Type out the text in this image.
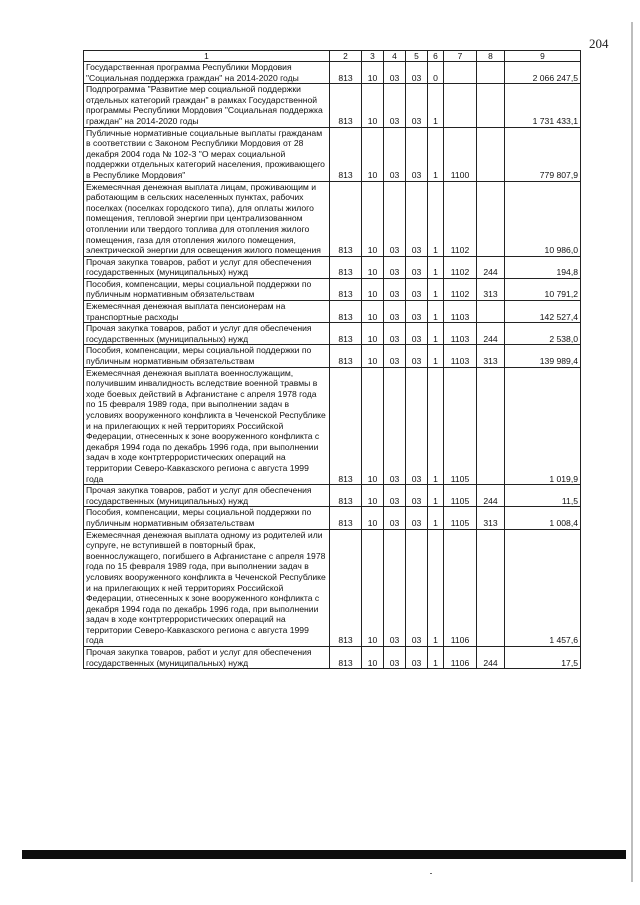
204
1	2	3	4	5	6	7	8	9
Государственная программа Республики Мордовия "Социальная поддержка граждан" на 2014-2020 годы	813	10	03	03	0			2 066 247,5
Подпрограмма "Развитие мер социальной поддержки отдельных категорий граждан" в рамках Государственной программы Республики Мордовия "Социальная поддержка граждан" на 2014-2020 годы	813	10	03	03	1			1 731 433,1
Публичные нормативные социальные выплаты гражданам в соответствии с Законом Республики Мордовия от 28 декабря 2004 года № 102-З "О мерах социальной поддержки отдельных категорий населения, проживающего в Республике Мордовия"	813	10	03	03	1	1100		779 807,9
Ежемесячная денежная выплата лицам, проживающим и работающим в сельских населенных пунктах, рабочих поселках (поселках городского типа), для оплаты жилого помещения, тепловой энергии при централизованном отоплении или твердого топлива для отопления жилого помещения, газа для отопления жилого помещения, электрической энергии для освещения жилого помещения	813	10	03	03	1	1102		10 986,0
Прочая закупка товаров, работ и услуг для обеспечения государственных (муниципальных) нужд	813	10	03	03	1	1102	244	194,8
Пособия, компенсации, меры социальной поддержки по публичным нормативным обязательствам	813	10	03	03	1	1102	313	10 791,2
Ежемесячная денежная выплата пенсионерам на транспортные расходы	813	10	03	03	1	1103		142 527,4
Прочая закупка товаров, работ и услуг для обеспечения государственных (муниципальных) нужд	813	10	03	03	1	1103	244	2 538,0
Пособия, компенсации, меры социальной поддержки по публичным нормативным обязательствам	813	10	03	03	1	1103	313	139 989,4
Ежемесячная денежная выплата военнослужащим, получившим инвалидность вследствие военной травмы в ходе боевых действий в Афганистане с апреля 1978 года по 15 февраля 1989 года, при выполнении задач в условиях вооруженного конфликта в Чеченской Республике и на прилегающих к ней территориях Российской Федерации, отнесенных к зоне вооруженного конфликта с декабря 1994 года по декабрь 1996 года, при выполнении задач в ходе контртеррористических операций на территории Северо-Кавказского региона с августа 1999 года	813	10	03	03	1	1105		1 019,9
Прочая закупка товаров, работ и услуг для обеспечения государственных (муниципальных) нужд	813	10	03	03	1	1105	244	11,5
Пособия, компенсации, меры социальной поддержки по публичным нормативным обязательствам	813	10	03	03	1	1105	313	1 008,4
Ежемесячная денежная выплата одному из родителей или супруге, не вступившей в повторный брак, военнослужащего, погибшего в Афганистане с апреля 1978 года по 15 февраля 1989 года, при выполнении задач в условиях вооруженного конфликта в Чеченской Республике и на прилегающих к ней территориях Российской Федерации, отнесенных к зоне вооруженного конфликта с декабря 1994 года по декабрь 1996 года, при выполнении задач в ходе контртеррористических операций на территории Северо-Кавказского региона с августа 1999 года	813	10	03	03	1	1106		1 457,6
Прочая закупка товаров, работ и услуг для обеспечения государственных (муниципальных) нужд	813	10	03	03	1	1106	244	17,5
